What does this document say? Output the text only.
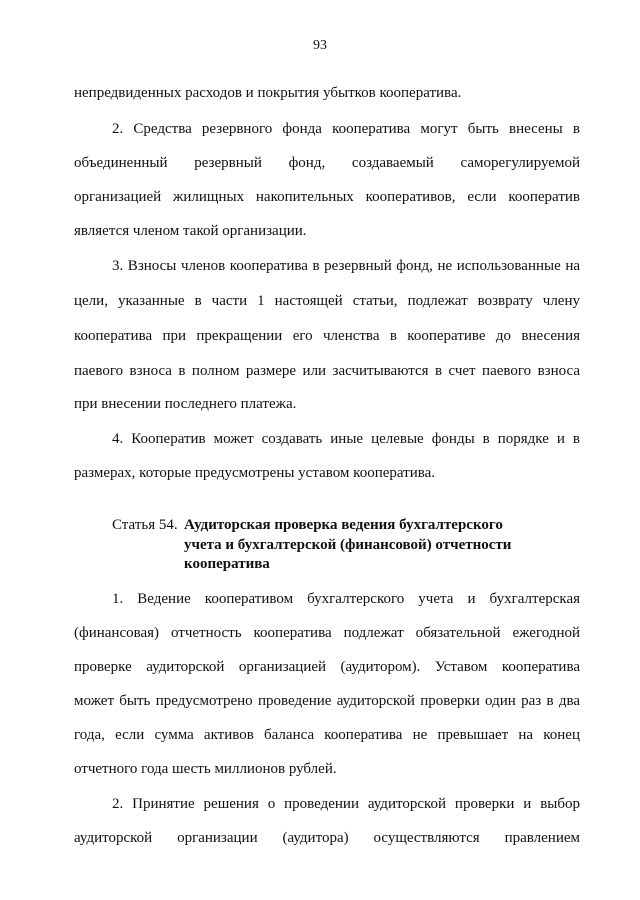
93
непредвиденных расходов и покрытия убытков кооператива.
2. Средства резервного фонда кооператива могут быть внесены в
объединенный резервный фонд, создаваемый саморегулируемой
организацией жилищных накопительных кооперативов, если кооператив
является членом такой организации.
3. Взносы членов кооператива в резервный фонд, не использованные на
цели, указанные в части 1 настоящей статьи, подлежат возврату члену
кооператива при прекращении его членства в кооперативе до внесения
паевого взноса в полном размере или засчитываются в счет паевого взноса
при внесении последнего платежа.
4. Кооператив может создавать иные целевые фонды в порядке и в
размерах, которые предусмотрены уставом кооператива.
Статья 54. Аудиторская проверка ведения бухгалтерского
учета и бухгалтерской (финансовой) отчетности
кооператива
1. Ведение кооперативом бухгалтерского учета и бухгалтерская
(финансовая) отчетность кооператива подлежат обязательной ежегодной
проверке аудиторской организацией (аудитором). Уставом кооператива
может быть предусмотрено проведение аудиторской проверки один раз в два
года, если сумма активов баланса кооператива не превышает на конец
отчетного года шесть миллионов рублей.
2. Принятие решения о проведении аудиторской проверки и выбор
аудиторской организации (аудитора) осуществляются правлением
